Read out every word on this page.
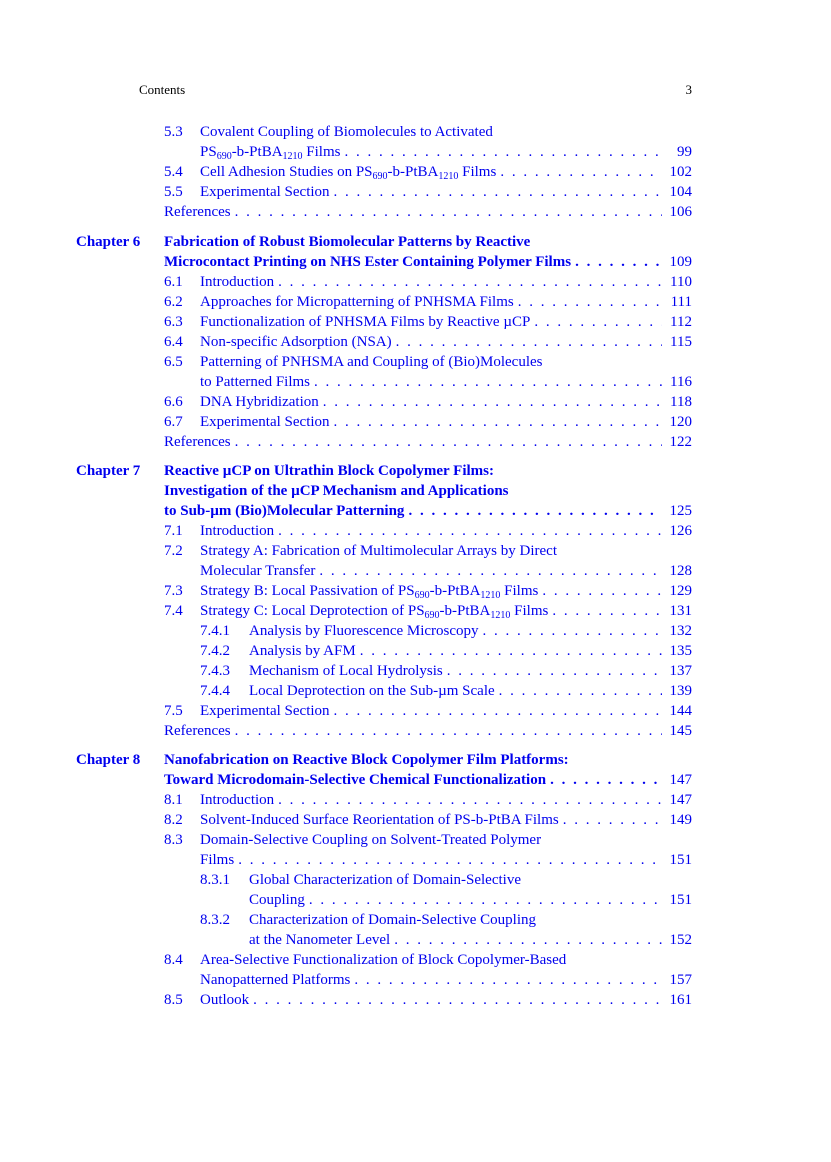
Contents	3
5.3	Covalent Coupling of Biomolecules to Activated
$PS_{690}-b-PtBA_{1210}$ Films . . .	99
5.4	Cell Adhesion Studies on $PS_{690}-b-PtBA_{1210}$ Films . . .	102
5.5	Experimental Section . . .	104
References . . .	106
Chapter 6 Fabrication of Robust Biomolecular Patterns by Reactive
Microcontact Printing on NHS Ester Containing Polymer Films . . .	109
6.1	Introduction . . .	110
6.2	Approaches for Micropatterning of PNHSMA Films . . .	111
6.3	Functionalization of PNHSMA Films by Reactive µCP . . .	112
6.4	Non-specific Adsorption (NSA) . . .	115
6.5	Patterning of PNHSMA and Coupling of (Bio)Molecules
to Patterned Films . . .	116
6.6	DNA Hybridization . . .	118
6.7	Experimental Section . . .	120
References . . .	122
Chapter 7 Reactive µCP on Ultrathin Block Copolymer Films:
Investigation of the µCP Mechanism and Applications
to Sub-µm (Bio)Molecular Patterning . . .	125
7.1	Introduction . . .	126
7.2	Strategy A: Fabrication of Multimolecular Arrays by Direct
Molecular Transfer . . .	128
7.3	Strategy B: Local Passivation of $PS_{690}-b-PtBA_{1210}$ Films . . .	129
7.4	Strategy C: Local Deprotection of $PS_{690}-b-PtBA_{1210}$ Films . . .	131
7.4.1	Analysis by Fluorescence Microscopy . . .	132
7.4.2	Analysis by AFM . . .	135
7.4.3	Mechanism of Local Hydrolysis . . .	137
7.4.4	Local Deprotection on the Sub-µm Scale . . .	139
7.5	Experimental Section . . .	144
References . . .	145
Chapter 8 Nanofabrication on Reactive Block Copolymer Film Platforms:
Toward Microdomain-Selective Chemical Functionalization . . .	147
8.1	Introduction . . .	147
8.2	Solvent-Induced Surface Reorientation of PS-b-PtBA Films . . .	149
8.3	Domain-Selective Coupling on Solvent-Treated Polymer
Films . . .	151
8.3.1	Global Characterization of Domain-Selective
Coupling . . .	151
8.3.2	Characterization of Domain-Selective Coupling
at the Nanometer Level . . .	152
8.4	Area-Selective Functionalization of Block Copolymer-Based
Nanopatterned Platforms . . .	157
8.5	Outlook . . .	161
